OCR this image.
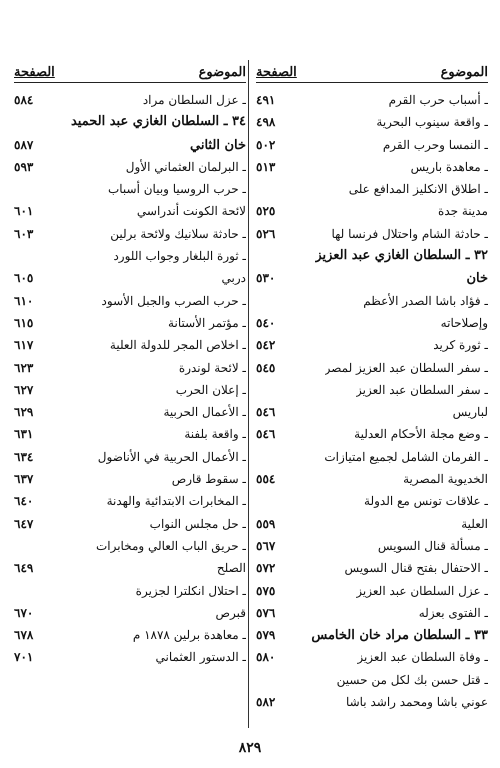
الموضوع
الصفحة
ـ أسباب حرب القرم
٤٩١
ـ واقعة سينوب البحرية
٤٩٨
ـ النمسا وحرب القرم
٥٠٢
ـ معاهدة باريس
٥١٣
ـ اطلاق الانكليز المدافع على
مدينة جدة
٥٢٥
ـ حادثة الشام واحتلال فرنسا لها
٥٢٦
٣٢ ـ السلطان الغازي عبد العزيز
خان
٥٣٠
ـ فؤاد باشا الصدر الأعظم
وإصلاحاته
٥٤٠
ـ ثورة كريد
٥٤٢
ـ سفر السلطان عبد العزيز لمصر
٥٤٥
ـ سفر السلطان عبد العزيز
لباريس
٥٤٦
ـ وضع مجلة الأحكام العدلية
٥٤٦
ـ الفرمان الشامل لجميع امتيازات
الخديوية المصرية
٥٥٤
ـ علاقات تونس مع الدولة
العلية
٥٥٩
ـ مسألة قنال السويس
٥٦٧
ـ الاحتفال بفتح قنال السويس
٥٧٢
ـ عزل السلطان عبد العزيز
٥٧٥
ـ الفتوى بعزله
٥٧٦
٣٣ ـ السلطان مراد خان الخامس
٥٧٩
ـ وفاة السلطان عبد العزيز
٥٨٠
ـ قتل حسن بك لكل من حسين
عوني باشا ومحمد راشد باشا
٥٨٢
الموضوع
الصفحة
ـ عزل السلطان مراد
٥٨٤
٣٤ ـ السلطان الغازي عبد الحميد
خان الثاني
٥٨٧
ـ البرلمان العثماني الأول
٥٩٣
ـ حرب الروسيا وبيان أسباب
لائحة الكونت أندراسي
٦٠١
ـ حادثة سلانيك ولائحة برلين
٦٠٣
ـ ثورة البلغار وجواب اللورد
دربي
٦٠٥
ـ حرب الصرب والجبل الأسود
٦١٠
ـ مؤتمر الأستانة
٦١٥
ـ اخلاص المجر للدولة العلية
٦١٧
ـ لائحة لوندرة
٦٢٣
ـ إعلان الحرب
٦٢٧
ـ الأعمال الحربية
٦٢٩
ـ واقعة بلفنة
٦٣١
ـ الأعمال الحربية في الأناضول
٦٣٤
ـ سقوط قارص
٦٣٧
ـ المخابرات الابتدائية والهدنة
٦٤٠
ـ حل مجلس النواب
٦٤٧
ـ حريق الباب العالي ومخابرات
الصلح
٦٤٩
ـ احتلال انكلترا لجزيرة
قبرص
٦٧٠
ـ معاهدة برلين ١٨٧٨ م
٦٧٨
ـ الدستور العثماني
٧٠١
٨٢٩
